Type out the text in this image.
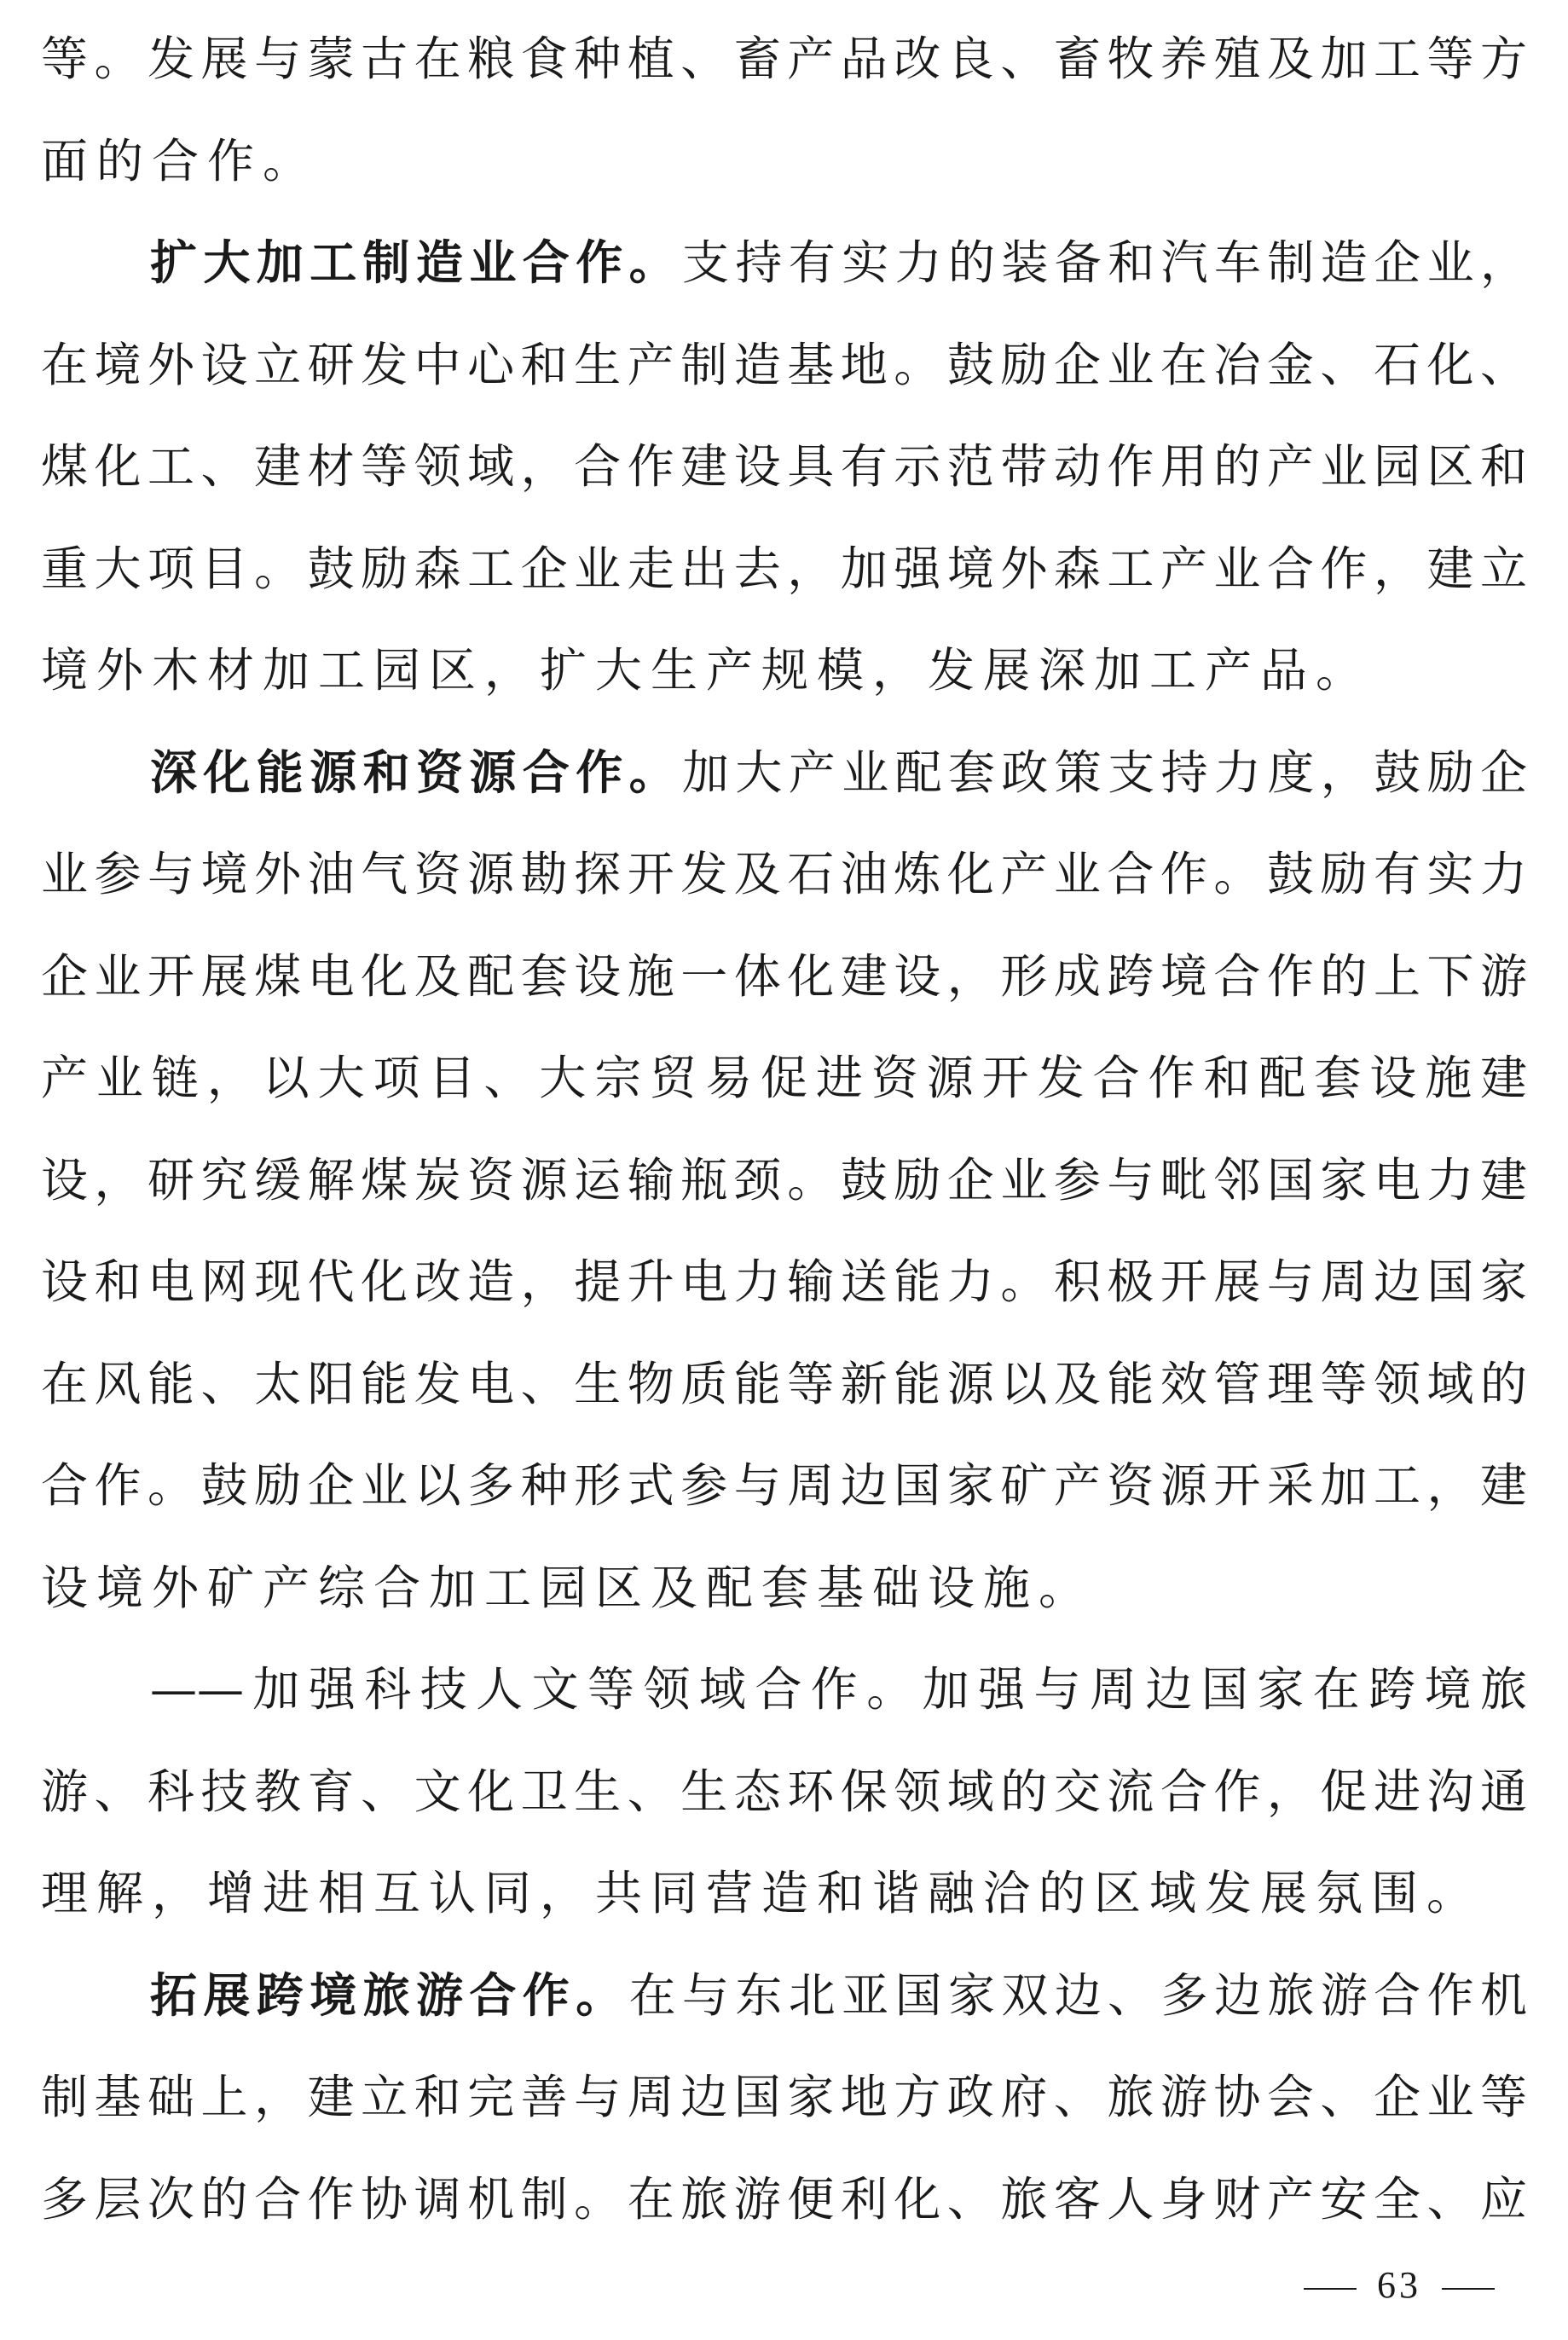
等。发展与蒙古在粮食种植、畜产品改良、畜牧养殖及加工等方
面的合作。
扩大加工制造业合作。支持有实力的装备和汽车制造企业，
在境外设立研发中心和生产制造基地。鼓励企业在冶金、石化、
煤化工、建材等领域，合作建设具有示范带动作用的产业园区和
重大项目。鼓励森工企业走出去，加强境外森工产业合作，建立
境外木材加工园区，扩大生产规模，发展深加工产品。
深化能源和资源合作。加大产业配套政策支持力度，鼓励企
业参与境外油气资源勘探开发及石油炼化产业合作。鼓励有实力
企业开展煤电化及配套设施一体化建设，形成跨境合作的上下游
产业链，以大项目、大宗贸易促进资源开发合作和配套设施建
设，研究缓解煤炭资源运输瓶颈。鼓励企业参与毗邻国家电力建
设和电网现代化改造，提升电力输送能力。积极开展与周边国家
在风能、太阳能发电、生物质能等新能源以及能效管理等领域的
合作。鼓励企业以多种形式参与周边国家矿产资源开采加工，建
设境外矿产综合加工园区及配套基础设施。
——加强科技人文等领域合作。加强与周边国家在跨境旅
游、科技教育、文化卫生、生态环保领域的交流合作，促进沟通
理解，增进相互认同，共同营造和谐融洽的区域发展氛围。
拓展跨境旅游合作。在与东北亚国家双边、多边旅游合作机
制基础上，建立和完善与周边国家地方政府、旅游协会、企业等
多层次的合作协调机制。在旅游便利化、旅客人身财产安全、应
63
